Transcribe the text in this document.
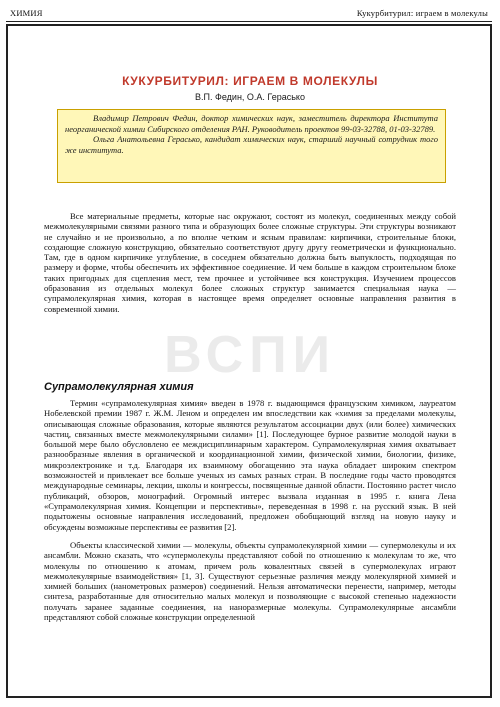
ХИМИЯ	Кукурбитурил: играем в молекулы
ВСПИ
КУКУРБИТУРИЛ: ИГРАЕМ В МОЛЕКУЛЫ
В.П. Федин, О.А. Герасько

Владимир Петрович Федин, доктор химических наук, заместитель директора Института неорганической химии Сибирского отделения РАН. Руководитель проектов 99-03-32788, 01-03-32789.

Ольга Анатольевна Герасько, кандидат химических наук, старший научный сотрудник того же института.

Все материальные предметы, которые нас окружают, состоят из молекул, соединенных между собой межмолекулярными связями разного типа и образующих более сложные структуры. Эти структуры возникают не случайно и не произвольно, а по вполне четким и ясным правилам: кирпичики, строительные блоки, создающие сложную конструкцию, обязательно соответствуют другу другу геометрически и функционально. Там, где в одном кирпичике углубление, в соседнем обязательно должна быть выпуклость, подходящая по размеру и форме, чтобы обеспечить их эффективное соединение. И чем больше в каждом строительном блоке таких пригодных для сцепления мест, тем прочнее и устойчивее вся конструкция. Изучением процессов образования из отдельных молекул более сложных структур занимается специальная наука — супрамолекулярная химия, которая в настоящее время определяет основные направления развития в современной химии.

Супрамолекулярная химия

Термин «супрамолекулярная химия» введен в 1978 г. выдающимся французским химиком, лауреатом Нобелевской премии 1987 г. Ж.М. Леном и определен им впоследствии как «химия за пределами молекулы, описывающая сложные образования, которые являются результатом ассоциации двух (или более) химических частиц, связанных вместе межмолекулярными силами» [1]. Последующее бурное развитие молодой науки в большой мере было обусловлено ее междисциплинарным характером. Супрамолекулярная химия охватывает разнообразные явления в органической и координационной химии, физической химии, биологии, физике, микроэлектронике и т.д. Благодаря их взаимному обогащению эта наука обладает широким спектром возможностей и привлекает все больше ученых из самых разных стран. В последние годы часто проводятся международные семинары, лекции, школы и конгрессы, посвященные данной области. Постоянно растет число публикаций, обзоров, монографий. Огромный интерес вызвала изданная в 1995 г. книга Лена «Супрамолекулярная химия. Концепции и перспективы», переведенная в 1998 г. на русский язык. В ней подытожены основные направления исследований, предложен обобщающий взгляд на новую науку и обсуждены возможные перспективы ее развития [2].

Объекты классической химии — молекулы, объекты супрамолекулярной химии — супермолекулы и их ансамбли. Можно сказать, что «супермолекулы представляют собой по отношению к молекулам то же, что молекулы по отношению к атомам, причем роль ковалентных связей в супермолекулах играют межмолекулярные взаимодействия» [1, 3]. Существуют серьезные различия между молекулярной химией и химией больших (нанометровых размеров) соединений. Нельзя автоматически перенести, например, методы синтеза, разработанные для относительно малых молекул и позволяющие с высокой степенью надежности получать заранее заданные соединения, на наноразмерные молекулы. Супрамолекулярные ансамбли представляют собой сложные конструкции определенной
